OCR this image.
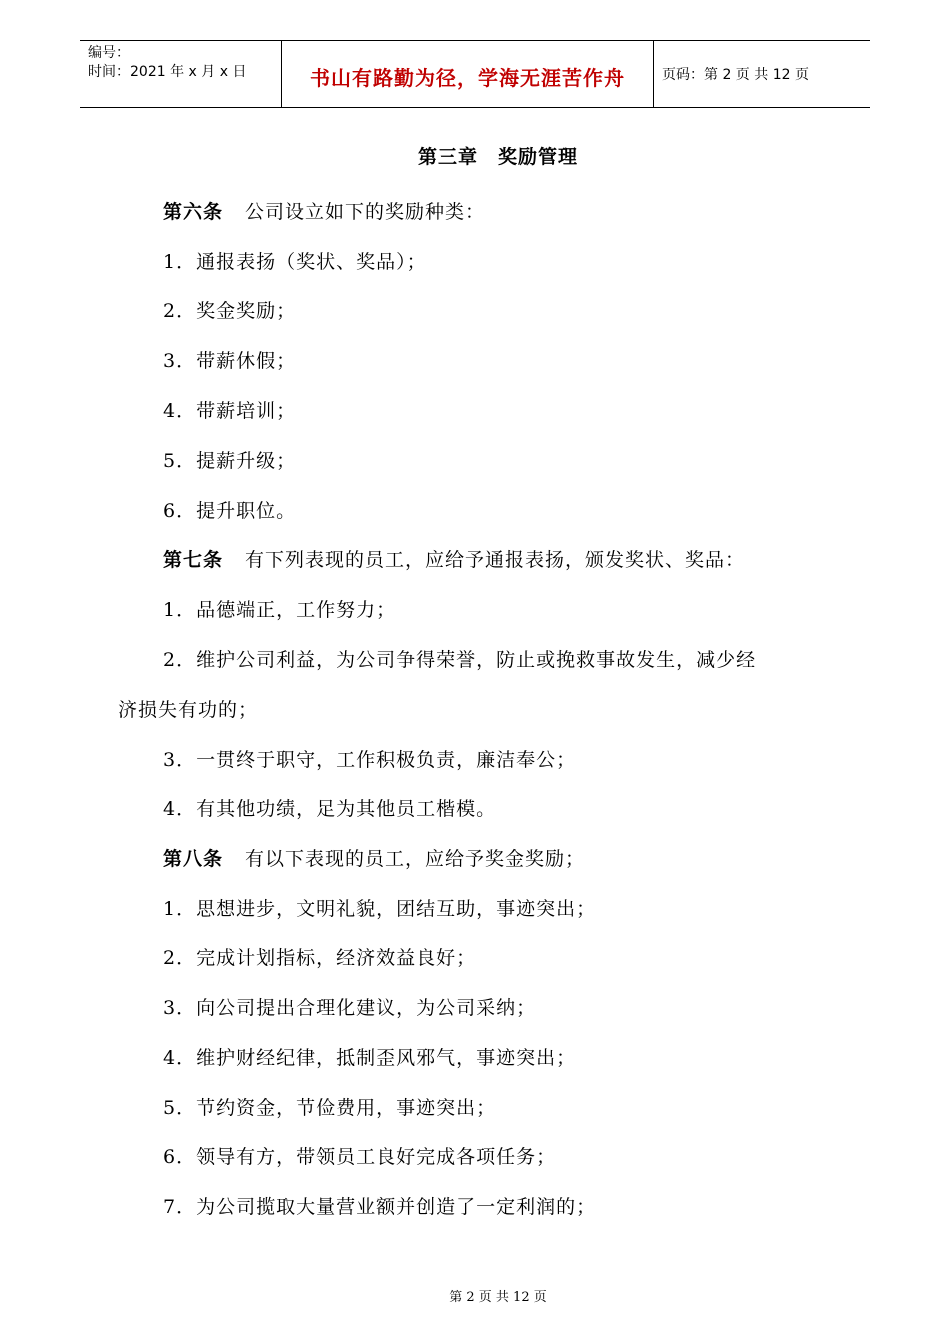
编号：
时间：2021 年 x 月 x 日	书山有路勤为径，学海无涯苦作舟	页码：第 2 页 共 12 页
第三章　奖励管理
第六条 公司设立如下的奖励种类：
1．通报表扬（奖状、奖品）；
2．奖金奖励；
3．带薪休假；
4．带薪培训；
5．提薪升级；
6．提升职位。
第七条 有下列表现的员工，应给予通报表扬，颁发奖状、奖品：
1．品德端正，工作努力；
2．维护公司利益，为公司争得荣誉，防止或挽救事故发生，减少经
济损失有功的；
3．一贯终于职守，工作积极负责，廉洁奉公；
4．有其他功绩，足为其他员工楷模。
第八条 有以下表现的员工，应给予奖金奖励；
1．思想进步，文明礼貌，团结互助，事迹突出；
2．完成计划指标，经济效益良好；
3．向公司提出合理化建议，为公司采纳；
4．维护财经纪律，抵制歪风邪气，事迹突出；
5．节约资金，节俭费用，事迹突出；
6．领导有方，带领员工良好完成各项任务；
7．为公司揽取大量营业额并创造了一定利润的；
第 2 页 共 12 页
